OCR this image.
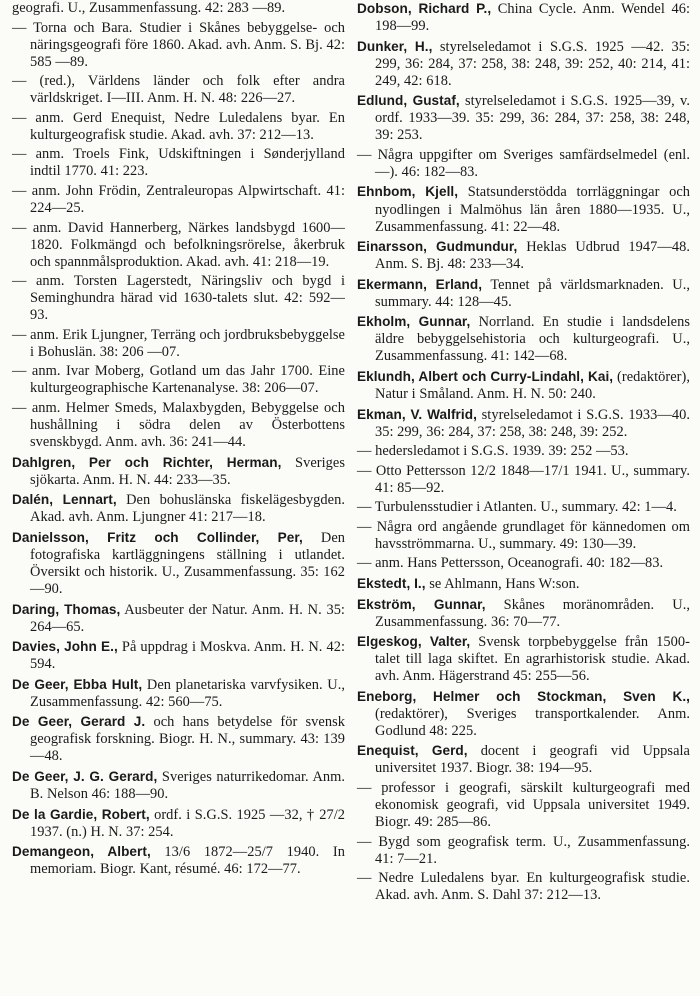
geografi. U., Zusammenfassung. 42: 283 —89.

— Torna och Bara. Studier i Skånes bebyggelse- och näringsgeografi före 1860. Akad. avh. Anm. S. Bj. 42: 585 —89.

— (red.), Världens länder och folk efter andra världskriget. I—III. Anm. H. N. 48: 226—27.

— anm. Gerd Enequist, Nedre Luledalens byar. En kulturgeografisk studie. Akad. avh. 37: 212—13.

— anm. Troels Fink, Udskiftningen i Sønderjylland indtil 1770. 41: 223.

— anm. John Frödin, Zentraleuropas Alpwirtschaft. 41: 224—25.

— anm. David Hannerberg, Närkes landsbygd 1600—1820. Folkmängd och befolkningsrörelse, åkerbruk och spannmålsproduktion. Akad. avh. 41: 218—19.

— anm. Torsten Lagerstedt, Näringsliv och bygd i Seminghundra härad vid 1630-talets slut. 42: 592—93.

— anm. Erik Ljungner, Terräng och jordbruksbebyggelse i Bohuslän. 38: 206 —07.

— anm. Ivar Moberg, Gotland um das Jahr 1700. Eine kulturgeographische Kartenanalyse. 38: 206—07.

— anm. Helmer Smeds, Malaxbygden, Bebyggelse och hushållning i södra delen av Österbottens svenskbygd. Anm. avh. 36: 241—44.

Dahlgren, Per och Richter, Herman, Sveriges sjökarta. Anm. H. N. 44: 233—35.

Dalén, Lennart, Den bohuslänska fiskelägesbygden. Akad. avh. Anm. Ljungner 41: 217—18.

Danielsson, Fritz och Collinder, Per, Den fotografiska kartläggningens ställning i utlandet. Översikt och historik. U., Zusammenfassung. 35: 162—90.

Daring, Thomas, Ausbeuter der Natur. Anm. H. N. 35: 264—65.

Davies, John E., På uppdrag i Moskva. Anm. H. N. 42: 594.

De Geer, Ebba Hult, Den planetariska varvfysiken. U., Zusammenfassung. 42: 560—75.

De Geer, Gerard J. och hans betydelse för svensk geografisk forskning. Biogr. H. N., summary. 43: 139—48.

De Geer, J. G. Gerard, Sveriges naturrikedomar. Anm. B. Nelson 46: 188—90.

De la Gardie, Robert, ordf. i S.G.S. 1925 —32, † 27/2 1937. (n.) H. N. 37: 254.

Demangeon, Albert, 13/6 1872—25/7 1940. In memoriam. Biogr. Kant, résumé. 46: 172—77.

Dobson, Richard P., China Cycle. Anm. Wendel 46: 198—99.

Dunker, H., styrelseledamot i S.G.S. 1925 —42. 35: 299, 36: 284, 37: 258, 38: 248, 39: 252, 40: 214, 41: 249, 42: 618.

Edlund, Gustaf, styrelseledamot i S.G.S. 1925—39, v. ordf. 1933—39. 35: 299, 36: 284, 37: 258, 38: 248, 39: 253.

— Några uppgifter om Sveriges samfärdselmedel (enl. —). 46: 182—83.

Ehnbom, Kjell, Statsunderstödda torrläggningar och nyodlingen i Malmöhus län åren 1880—1935. U., Zusammenfassung. 41: 22—48.

Einarsson, Gudmundur, Heklas Udbrud 1947—48. Anm. S. Bj. 48: 233—34.

Ekermann, Erland, Tennet på världsmarknaden. U., summary. 44: 128—45.

Ekholm, Gunnar, Norrland. En studie i landsdelens äldre bebyggelsehistoria och kulturgeografi. U., Zusammenfassung. 41: 142—68.

Eklundh, Albert och Curry-Lindahl, Kai, (redaktörer), Natur i Småland. Anm. H. N. 50: 240.

Ekman, V. Walfrid, styrelseledamot i S.G.S. 1933—40. 35: 299, 36: 284, 37: 258, 38: 248, 39: 252.

— hedersledamot i S.G.S. 1939. 39: 252 —53.

— Otto Pettersson 12/2 1848—17/1 1941. U., summary. 41: 85—92.

— Turbulensstudier i Atlanten. U., summary. 42: 1—4.

— Några ord angående grundlaget för kännedomen om havsströmmarna. U., summary. 49: 130—39.

— anm. Hans Pettersson, Oceanografi. 40: 182—83.

Ekstedt, I., se Ahlmann, Hans W:son.

Ekström, Gunnar, Skånes moränområden. U., Zusammenfassung. 36: 70—77.

Elgeskog, Valter, Svensk torpbebyggelse från 1500-talet till laga skiftet. En agrarhistorisk studie. Akad. avh. Anm. Hägerstrand 45: 255—56.

Eneborg, Helmer och Stockman, Sven K., (redaktörer), Sveriges transportkalender. Anm. Godlund 48: 225.

Enequist, Gerd, docent i geografi vid Uppsala universitet 1937. Biogr. 38: 194—95.

— professor i geografi, särskilt kulturgeografi med ekonomisk geografi, vid Uppsala universitet 1949. Biogr. 49: 285—86.

— Bygd som geografisk term. U., Zusammenfassung. 41: 7—21.

— Nedre Luledalens byar. En kulturgeografisk studie. Akad. avh. Anm. S. Dahl 37: 212—13.
